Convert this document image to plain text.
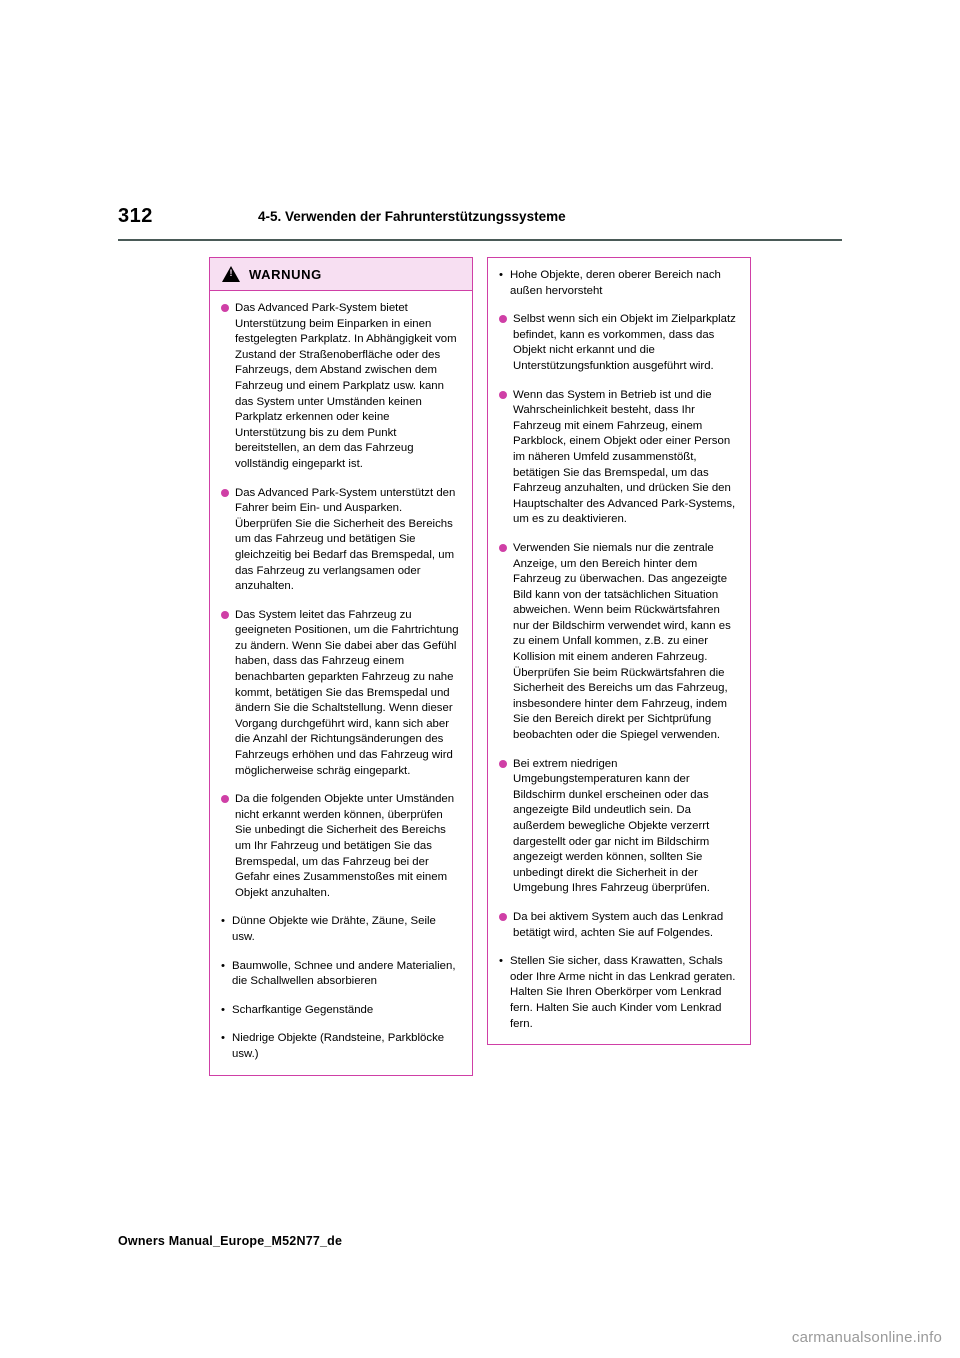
312	4-5. Verwenden der Fahrunterstützungssysteme
!
WARNUNG
Das Advanced Park-System bietet Unterstützung beim Einparken in einen festgelegten Parkplatz. In Abhängigkeit vom Zustand der Straßenoberfläche oder des Fahrzeugs, dem Abstand zwischen dem Fahrzeug und einem Parkplatz usw. kann das System unter Umständen keinen Parkplatz erkennen oder keine Unterstützung bis zu dem Punkt bereitstellen, an dem das Fahrzeug vollständig eingeparkt ist.
Das Advanced Park-System unterstützt den Fahrer beim Ein- und Ausparken. Überprüfen Sie die Sicherheit des Bereichs um das Fahrzeug und betätigen Sie gleichzeitig bei Bedarf das Bremspedal, um das Fahrzeug zu verlangsamen oder anzuhalten.
Das System leitet das Fahrzeug zu geeigneten Positionen, um die Fahrtrichtung zu ändern. Wenn Sie dabei aber das Gefühl haben, dass das Fahrzeug einem benachbarten geparkten Fahrzeug zu nahe kommt, betätigen Sie das Bremspedal und ändern Sie die Schaltstellung. Wenn dieser Vorgang durchgeführt wird, kann sich aber die Anzahl der Richtungsänderungen des Fahrzeugs erhöhen und das Fahrzeug wird möglicherweise schräg eingeparkt.
Da die folgenden Objekte unter Umständen nicht erkannt werden können, überprüfen Sie unbedingt die Sicherheit des Bereichs um Ihr Fahrzeug und betätigen Sie das Bremspedal, um das Fahrzeug bei der Gefahr eines Zusammenstoßes mit einem Objekt anzuhalten.
• Dünne Objekte wie Drähte, Zäune, Seile usw.
• Baumwolle, Schnee und andere Materialien, die Schallwellen absorbieren
• Scharfkantige Gegenstände
• Niedrige Objekte (Randsteine, Parkblöcke usw.)
• Hohe Objekte, deren oberer Bereich nach außen hervorsteht
Selbst wenn sich ein Objekt im Zielparkplatz befindet, kann es vorkommen, dass das Objekt nicht erkannt und die Unterstützungsfunktion ausgeführt wird.
Wenn das System in Betrieb ist und die Wahrscheinlichkeit besteht, dass Ihr Fahrzeug mit einem Fahrzeug, einem Parkblock, einem Objekt oder einer Person im näheren Umfeld zusammenstößt, betätigen Sie das Bremspedal, um das Fahrzeug anzuhalten, und drücken Sie den Hauptschalter des Advanced Park-Systems, um es zu deaktivieren.
Verwenden Sie niemals nur die zentrale Anzeige, um den Bereich hinter dem Fahrzeug zu überwachen. Das angezeigte Bild kann von der tatsächlichen Situation abweichen. Wenn beim Rückwärtsfahren nur der Bildschirm verwendet wird, kann es zu einem Unfall kommen, z.B. zu einer Kollision mit einem anderen Fahrzeug. Überprüfen Sie beim Rückwärtsfahren die Sicherheit des Bereichs um das Fahrzeug, insbesondere hinter dem Fahrzeug, indem Sie den Bereich direkt per Sichtprüfung beobachten oder die Spiegel verwenden.
Bei extrem niedrigen Umgebungstemperaturen kann der Bildschirm dunkel erscheinen oder das angezeigte Bild undeutlich sein. Da außerdem bewegliche Objekte verzerrt dargestellt oder gar nicht im Bildschirm angezeigt werden können, sollten Sie unbedingt direkt die Sicherheit in der Umgebung Ihres Fahrzeug überprüfen.
Da bei aktivem System auch das Lenkrad betätigt wird, achten Sie auf Folgendes.
• Stellen Sie sicher, dass Krawatten, Schals oder Ihre Arme nicht in das Lenkrad geraten. Halten Sie Ihren Oberkörper vom Lenkrad fern. Halten Sie auch Kinder vom Lenkrad fern.
Owners Manual_Europe_M52N77_de
carmanualsonline.info
